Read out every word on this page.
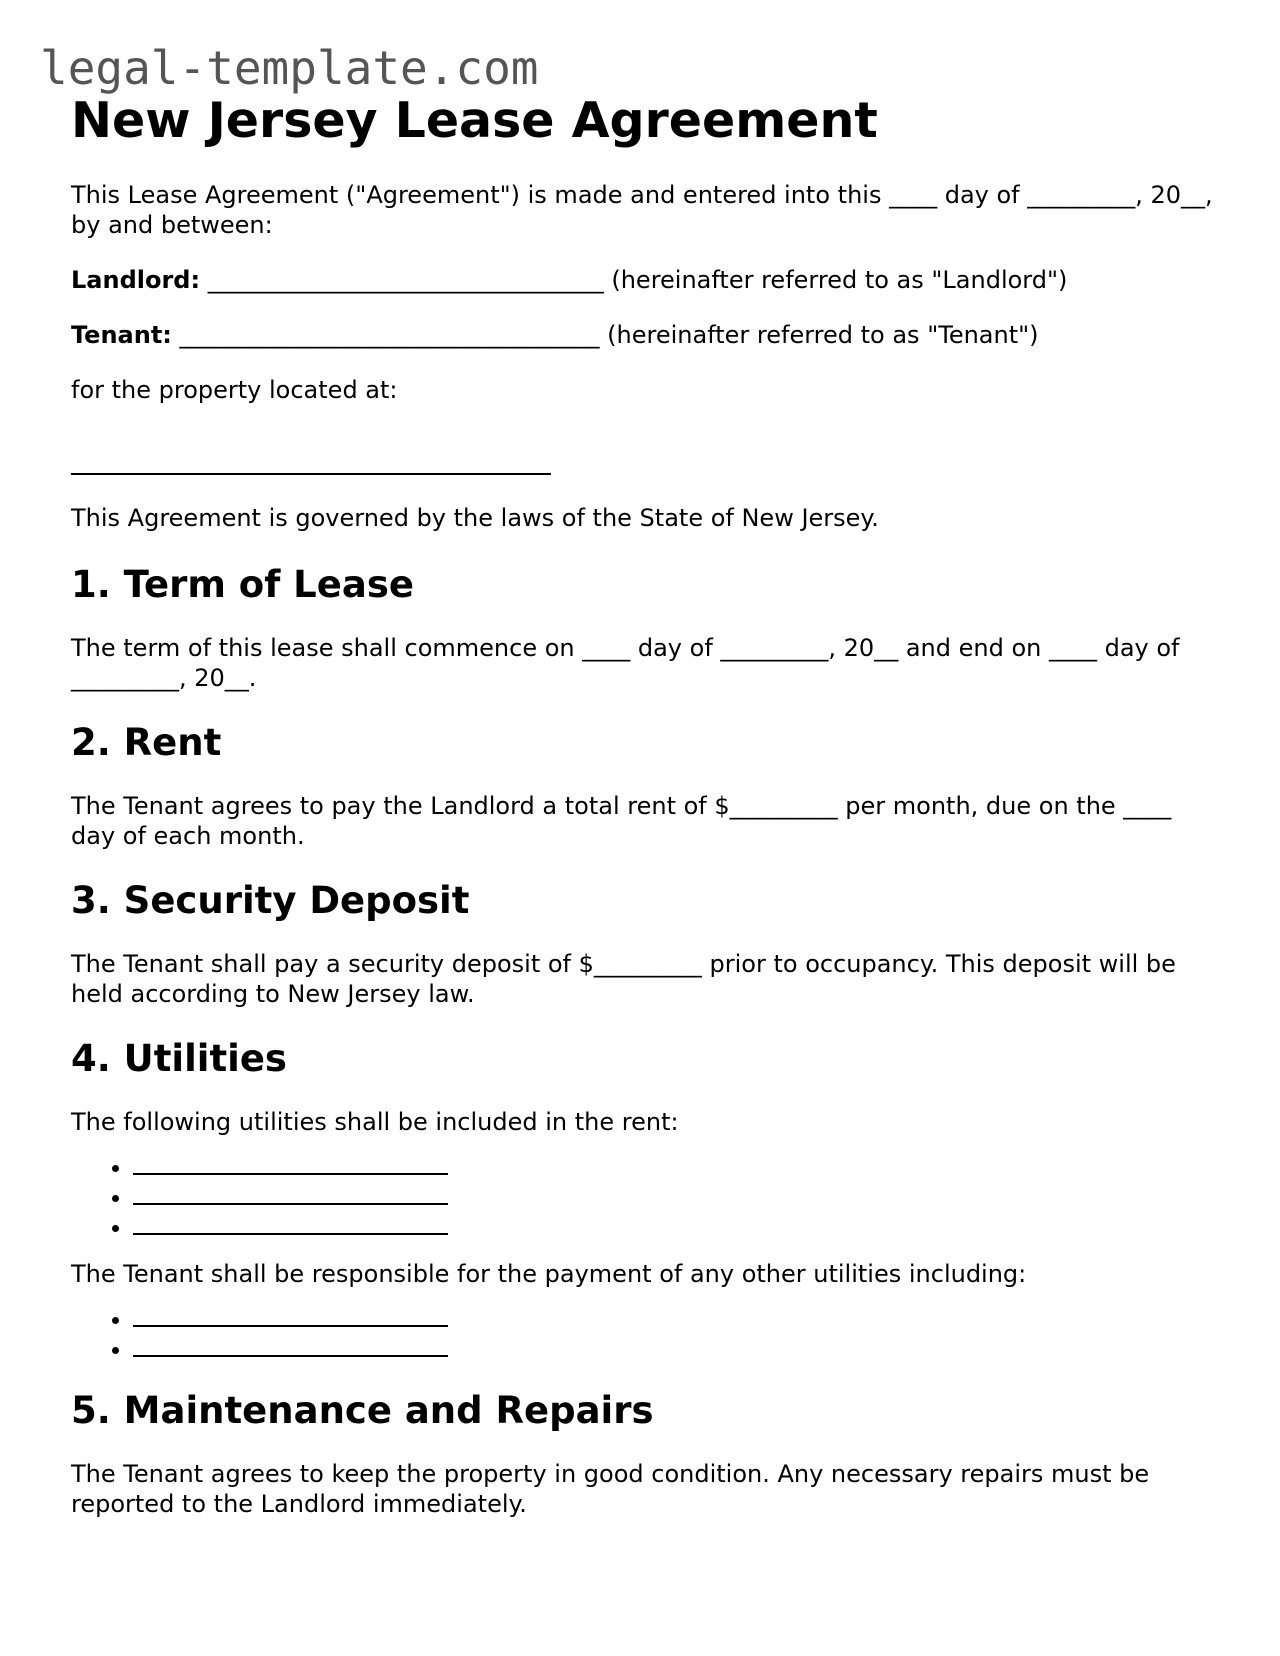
legal-template.com
New Jersey Lease Agreement

This Lease Agreement ("Agreement") is made and entered into this ____ day of _________, 20__, by and between:

Landlord: _________________________________ (hereinafter referred to as "Landlord")

Tenant: ___________________________________ (hereinafter referred to as "Tenant")

for the property located at:

This Agreement is governed by the laws of the State of New Jersey.

1. Term of Lease

The term of this lease shall commence on ____ day of _________, 20__ and end on ____ day of _________, 20__.

2. Rent

The Tenant agrees to pay the Landlord a total rent of $_________ per month, due on the ____ day of each month.

3. Security Deposit

The Tenant shall pay a security deposit of $_________ prior to occupancy. This deposit will be held according to New Jersey law.

4. Utilities

The following utilities shall be included in the rent:

•
•
•

The Tenant shall be responsible for the payment of any other utilities including:

•
•
5. Maintenance and Repairs

The Tenant agrees to keep the property in good condition. Any necessary repairs must be reported to the Landlord immediately.
